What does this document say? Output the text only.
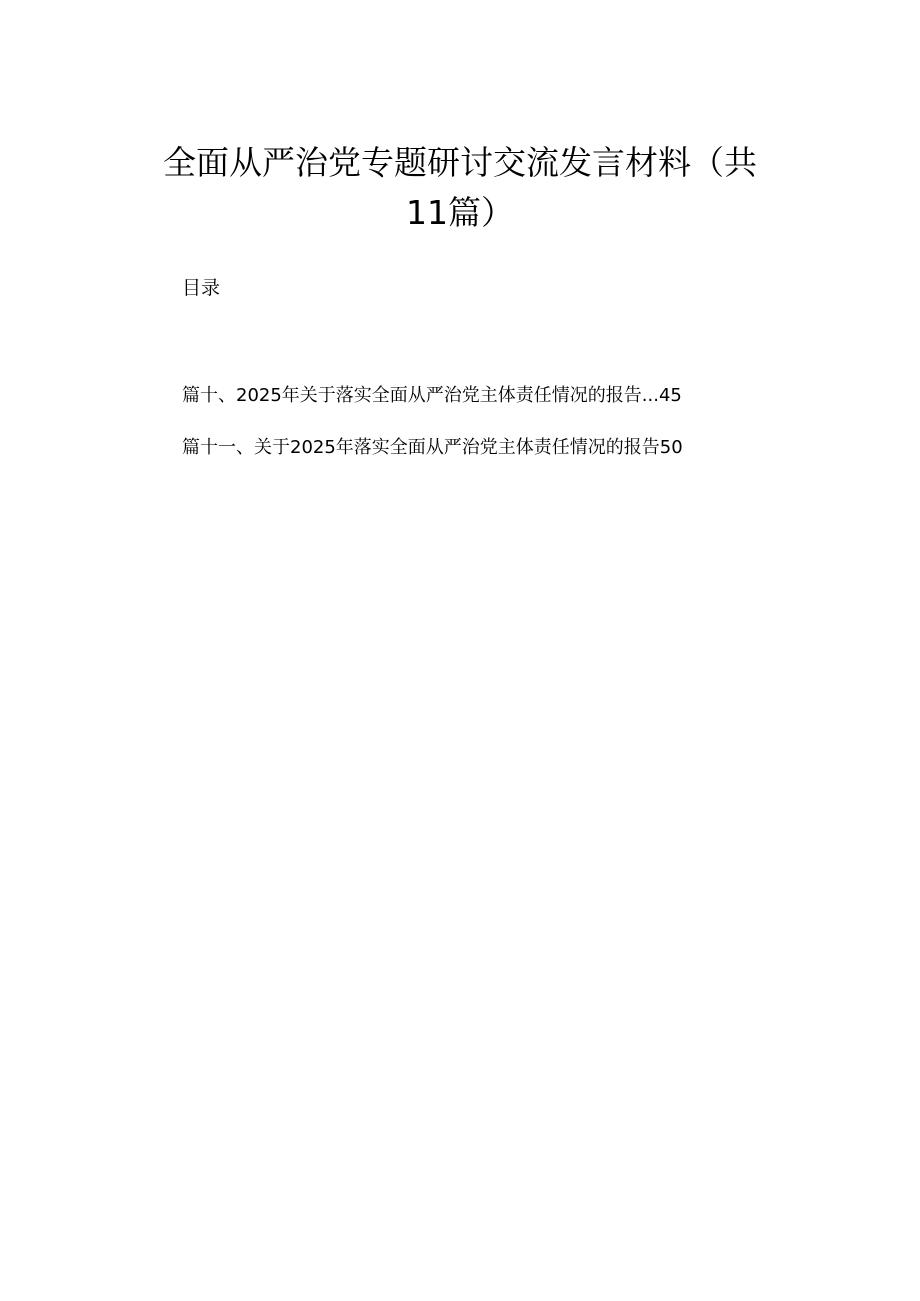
全面从严治党专题研讨交流发言材料（共11篇）
目录
篇十、2025年关于落实全面从严治党主体责任情况的报告...45
篇十一、关于2025年落实全面从严治党主体责任情况的报告50
